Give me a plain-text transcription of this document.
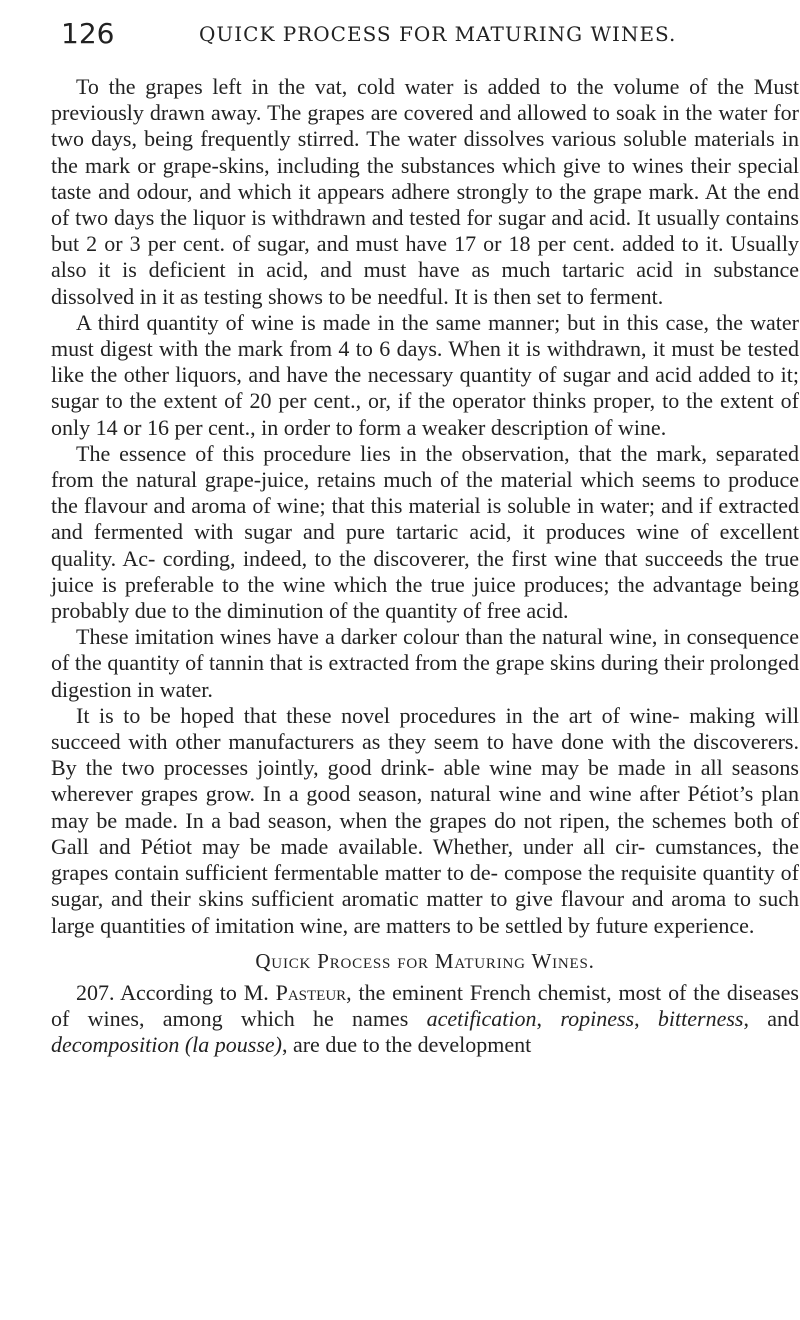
126	QUICK PROCESS FOR MATURING WINES.

To the grapes left in the vat, cold water is added to the volume of the Must previously drawn away. The grapes are covered and allowed to soak in the water for two days, being frequently stirred. The water dissolves various soluble materials in the mark or grape-skins, including the substances which give to wines their special taste and odour, and which it appears adhere strongly to the grape mark. At the end of two days the liquor is withdrawn and tested for sugar and acid. It usually contains but 2 or 3 per cent. of sugar, and must have 17 or 18 per cent. added to it. Usually also it is deficient in acid, and must have as much tartaric acid in substance dissolved in it as testing shows to be needful. It is then set to ferment.

A third quantity of wine is made in the same manner; but in this case, the water must digest with the mark from 4 to 6 days. When it is withdrawn, it must be tested like the other liquors, and have the necessary quantity of sugar and acid added to it; sugar to the extent of 20 per cent., or, if the operator thinks proper, to the extent of only 14 or 16 per cent., in order to form a weaker description of wine.

The essence of this procedure lies in the observation, that the mark, separated from the natural grape-juice, retains much of the material which seems to produce the flavour and aroma of wine; that this material is soluble in water; and if extracted and fermented with sugar and pure tartaric acid, it produces wine of excellent quality. Ac- cording, indeed, to the discoverer, the first wine that succeeds the true juice is preferable to the wine which the true juice produces; the advantage being probably due to the diminution of the quantity of free acid.

These imitation wines have a darker colour than the natural wine, in consequence of the quantity of tannin that is extracted from the grape skins during their prolonged digestion in water.

It is to be hoped that these novel procedures in the art of wine- making will succeed with other manufacturers as they seem to have done with the discoverers. By the two processes jointly, good drink- able wine may be made in all seasons wherever grapes grow. In a good season, natural wine and wine after Pétiot’s plan may be made. In a bad season, when the grapes do not ripen, the schemes both of Gall and Pétiot may be made available. Whether, under all cir- cumstances, the grapes contain sufficient fermentable matter to de- compose the requisite quantity of sugar, and their skins sufficient aromatic matter to give flavour and aroma to such large quantities of imitation wine, are matters to be settled by future experience.

Quick Process for Maturing Wines.

207. According to M. Pasteur, the eminent French chemist, most of the diseases of wines, among which he names acetification, ropiness, bitterness, and decomposition (la pousse), are due to the development
